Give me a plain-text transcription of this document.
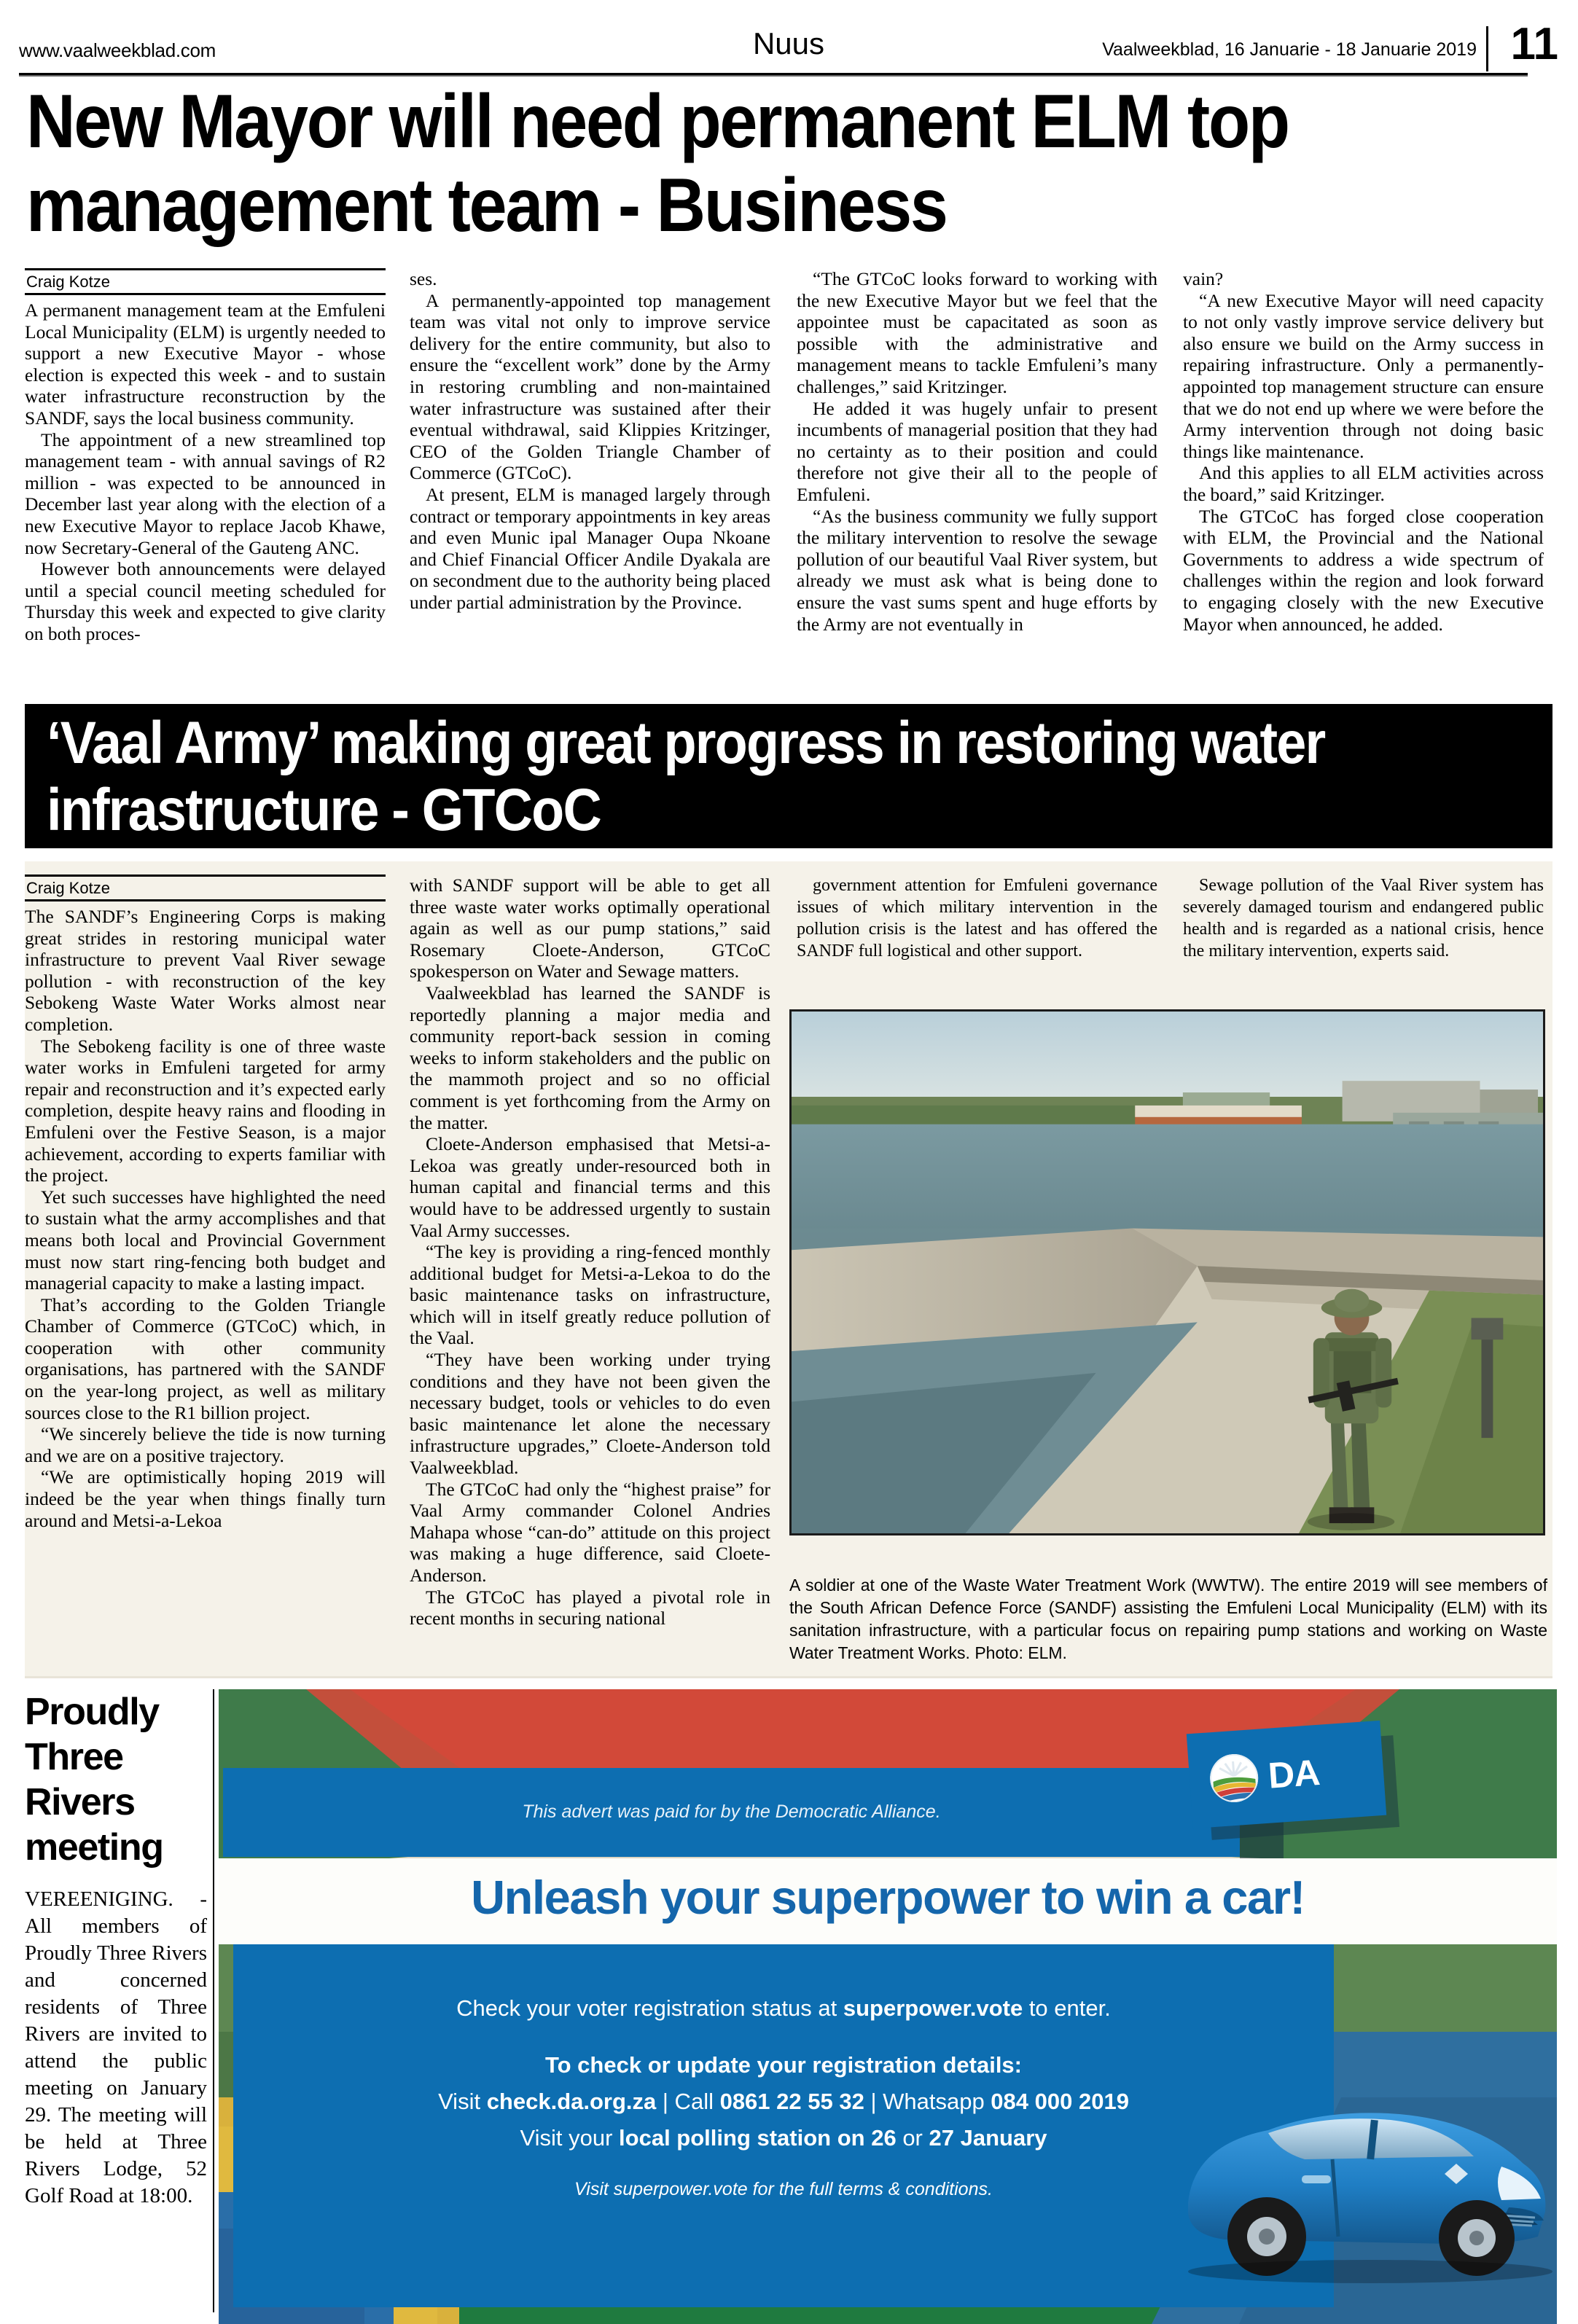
www.vaalweekblad.com	Nuus	Vaalweekblad, 16 Januarie - 18 Januarie 2019 11
New Mayor will need permanent ELM top management team - Business
Craig Kotze

A permanent management team at the Emfuleni Local Municipality (ELM) is urgently needed to support a new Executive Mayor - whose election is expected this week - and to sustain water infrastructure reconstruction by the SANDF, says the local business community.

The appointment of a new streamlined top management team - with annual savings of R2 million - was expected to be announced in December last year along with the election of a new Executive Mayor to replace Jacob Khawe, now Secretary-General of the Gauteng ANC.

However both announcements were delayed until a special council meeting scheduled for Thursday this week and expected to give clarity on both proces-

ses.

A permanently-appointed top management team was vital not only to improve service delivery for the entire community, but also to ensure the “excellent work” done by the Army in restoring crumbling and non-maintained water infrastructure was sustained after their eventual withdrawal, said Klippies Kritzinger, CEO of the Golden Triangle Chamber of Commerce (GTCoC).

At present, ELM is managed largely through contract or temporary appointments in key areas and even Munic ipal Manager Oupa Nkoane and Chief Financial Officer Andile Dyakala are on secondment due to the authority being placed under partial administration by the Province.

“The GTCoC looks forward to working with the new Executive Mayor but we feel that the appointee must be capacitated as soon as possible with the administrative and management means to tackle Emfuleni’s many challenges,” said Kritzinger.

He added it was hugely unfair to present incumbents of managerial position that they had no certainty as to their position and could therefore not give their all to the people of Emfuleni.

“As the business community we fully support the military intervention to resolve the sewage pollution of our beautiful Vaal River system, but already we must ask what is being done to ensure the vast sums spent and huge efforts by the Army are not eventually in

vain?

“A new Executive Mayor will need capacity to not only vastly improve service delivery but also ensure we build on the Army success in repairing infrastructure. Only a permanently-appointed top management structure can ensure that we do not end up where we were before the Army intervention through not doing basic things like maintenance.

And this applies to all ELM activities across the board,” said Kritzinger.

The GTCoC has forged close cooperation with ELM, the Provincial and the National Governments to address a wide spectrum of challenges within the region and look forward to engaging closely with the new Executive Mayor when announced, he added.

‘Vaal Army’ making great progress in restoring water infrastructure - GTCoC
Craig Kotze

The SANDF’s Engineering Corps is making great strides in restoring municipal water infrastructure to prevent Vaal River sewage pollution - with reconstruction of the key Sebokeng Waste Water Works almost near completion.

The Sebokeng facility is one of three waste water works in Emfuleni targeted for army repair and reconstruction and it’s expected early completion, despite heavy rains and flooding in Emfuleni over the Festive Season, is a major achievement, according to experts familiar with the project.

Yet such successes have highlighted the need to sustain what the army accomplishes and that means both local and Provincial Government must now start ring-fencing both budget and managerial capacity to make a lasting impact.

That’s according to the Golden Triangle Chamber of Commerce (GTCoC) which, in cooperation with other community organisations, has partnered with the SANDF on the year-long project, as well as military sources close to the R1 billion project.

“We sincerely believe the tide is now turning and we are on a positive trajectory.

“We are optimistically hoping 2019 will indeed be the year when things finally turn around and Metsi-a-Lekoa

with SANDF support will be able to get all three waste water works optimally operational again as well as our pump stations,” said Rosemary Cloete-Anderson, GTCoC spokesperson on Water and Sewage matters.

Vaalweekblad has learned the SANDF is reportedly planning a major media and community report-back session in coming weeks to inform stakeholders and the public on the mammoth project and so no official comment is yet forthcoming from the Army on the matter.

Cloete-Anderson emphasised that Metsi-a-Lekoa was greatly under-resourced both in human capital and financial terms and this would have to be addressed urgently to sustain Vaal Army successes.

“The key is providing a ring-fenced monthly additional budget for Metsi-a-Lekoa to do the basic maintenance tasks on infrastructure, which will in itself greatly reduce pollution of the Vaal.

“They have been working under trying conditions and they have not been given the necessary budget, tools or vehicles to do even basic maintenance let alone the necessary infrastructure upgrades,” Cloete-Anderson told Vaalweekblad.

The GTCoC had only the “highest praise” for Vaal Army commander Colonel Andries Mahapa whose “can-do” attitude on this project was making a huge difference, said Cloete-Anderson.

The GTCoC has played a pivotal role in recent months in securing national

government attention for Emfuleni governance issues of which military intervention in the pollution crisis is the latest and has offered the SANDF full logistical and other support.

Sewage pollution of the Vaal River system has severely damaged tourism and endangered public health and is regarded as a national crisis, hence the military intervention, experts said.

A soldier at one of the Waste Water Treatment Work (WWTW). The entire 2019 will see members of the South African Defence Force (SANDF) assisting the Emfuleni Local Municipality (ELM) with its sanitation infrastructure, with a particular focus on repairing pump stations and working on Waste Water Treatment Works. Photo: ELM.
Proudly Three Rivers meeting
VEREENIGING. - All members of Proudly Three Rivers and concerned residents of Three Rivers are invited to attend the public meeting on January 29. The meeting will be held at Three Rivers Lodge, 52 Golf Road at 18:00.
This advert was paid for by the Democratic Alliance.
DA
Unleash your superpower to win a car!
Check your voter registration status at superpower.vote to enter.
To check or update your registration details:
Visit check.da.org.za | Call 0861 22 55 32 | Whatsapp 084 000 2019
Visit your local polling station on 26 or 27 January
Visit superpower.vote for the full terms & conditions.
